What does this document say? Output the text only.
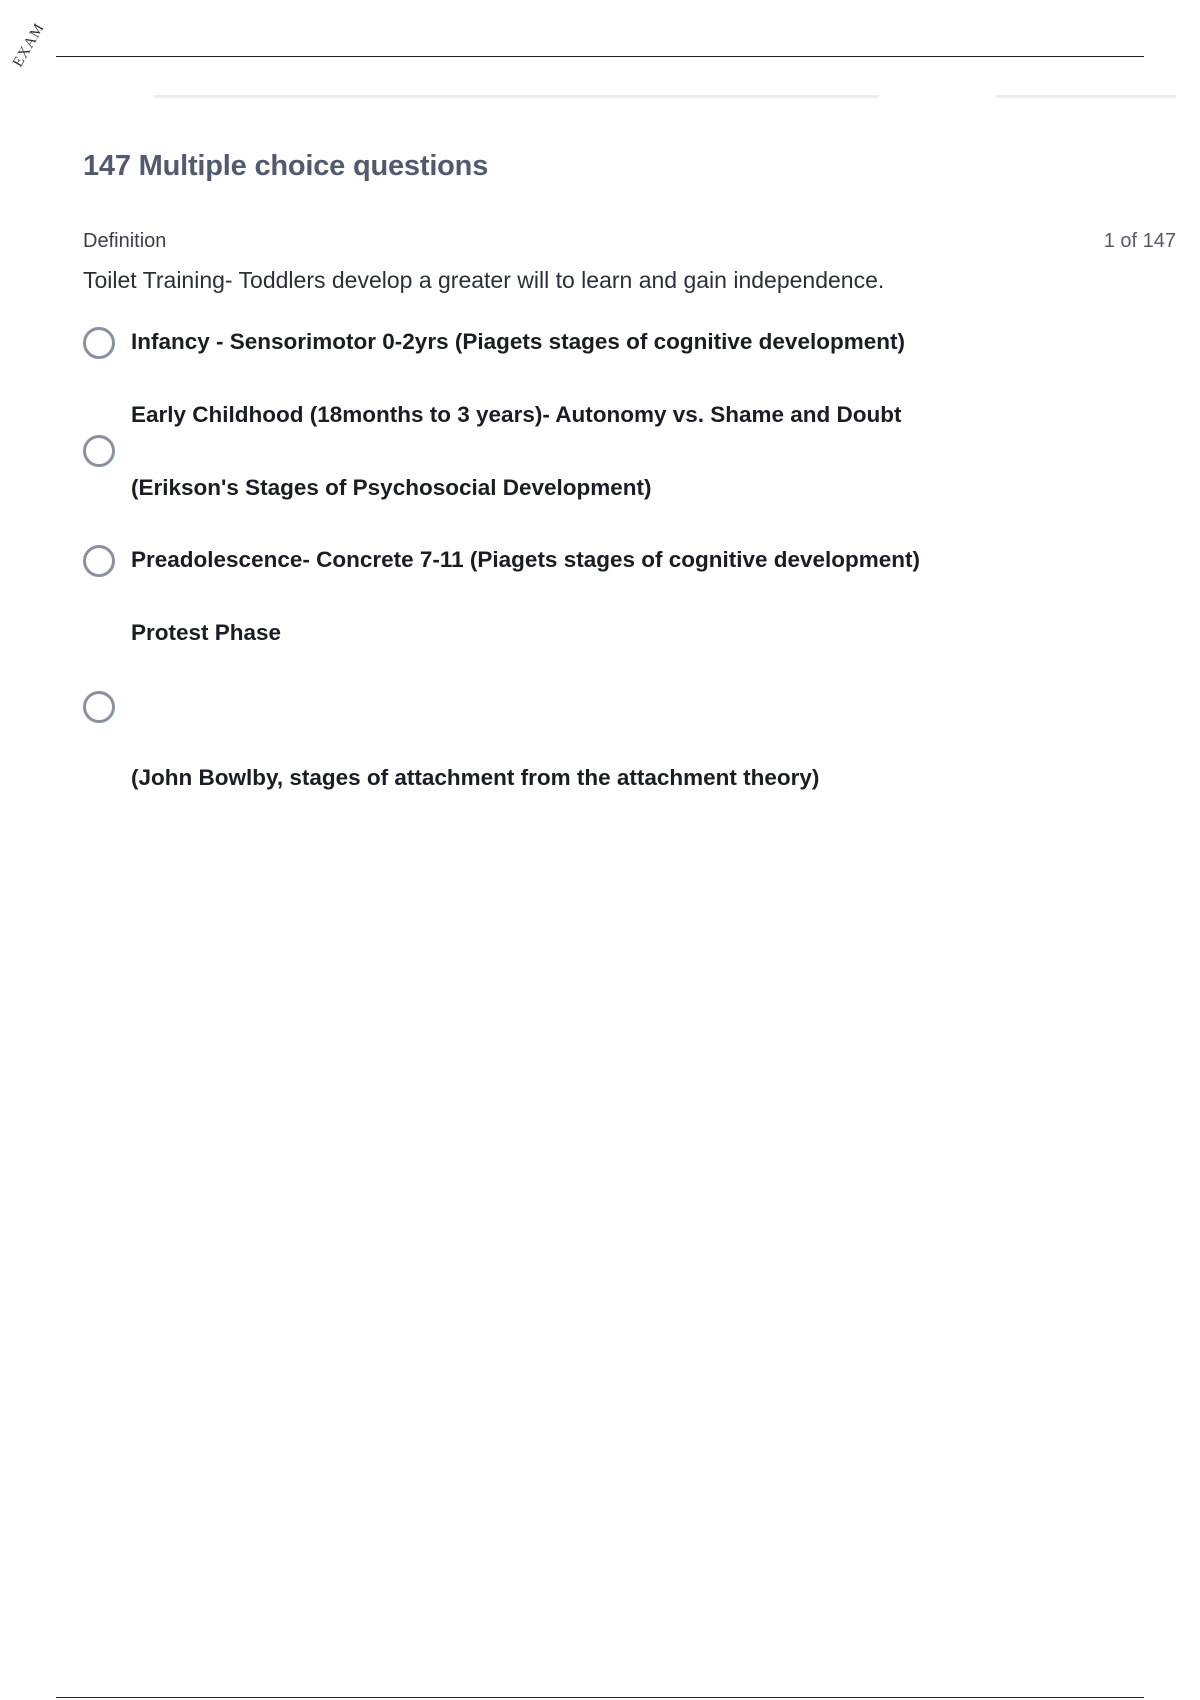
EXAM
147 Multiple choice questions
Definition	1 of 147
Toilet Training- Toddlers develop a greater will to learn and gain independence.
Infancy - Sensorimotor 0-2yrs (Piagets stages of cognitive development)
Early Childhood (18months to 3 years)- Autonomy vs. Shame and Doubt
(Erikson's Stages of Psychosocial Development)
Preadolescence- Concrete 7-11 (Piagets stages of cognitive development)
Protest Phase
(John Bowlby, stages of attachment from the attachment theory)
